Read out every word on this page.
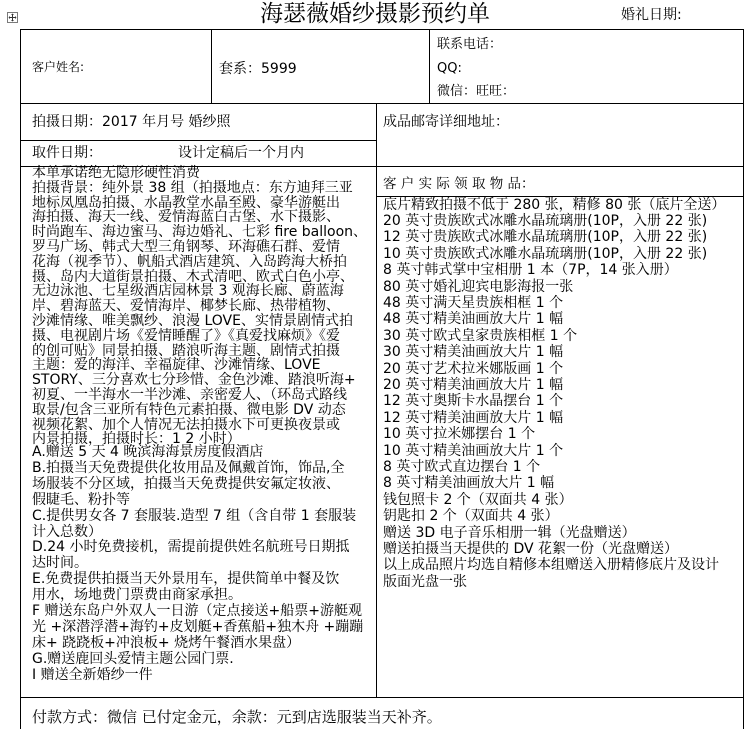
海瑟薇婚纱摄影预约单	婚礼日期:
客户姓名:	套系：5999
联系电话：
QQ:
微信：旺旺：
拍摄日期：2017 年月号 婚纱照	成品邮寄详细地址：
取件日期：	设计定稿后一个月内
本单承诺绝无隐形硬性消费
拍摄背景：纯外景 38 组（拍摄地点：东方迪拜三亚
地标凤凰岛拍摄、水晶教堂水晶至殿、豪华游艇出
海拍摄、海天一线、爱情海蓝白古堡、水下摄影、
时尚跑车、海边蜜马、海边婚礼、七彩 fire balloon、
罗马广场、韩式大型三角钢琴、环海礁石群、爱情
花海（视季节）、帆船式酒店建筑、入岛跨海大桥拍
摄、岛内大道街景拍摄、木式清吧、欧式白色小亭、
无边泳池、七星级酒店园林景 3 观海长廊、蔚蓝海
岸、碧海蓝天、爱情海岸、椰梦长廊、热带植物、
沙滩情缘、唯美飘纱、浪漫 LOVE、实情景剧情式拍
摄、电视剧片场《爱情睡醒了》《真爱找麻烦》《爱
的创可贴》同景拍摄、踏浪听海主题、剧情式拍摄
主题：爱的海洋、幸福旋律、沙滩情缘、LOVE
STORY、三分喜欢七分珍惜、金色沙滩、踏浪听海+
初夏、一半海水一半沙滩、亲密爱人、（环岛式路线
取景/包含三亚所有特色元素拍摄、微电影 DV 动态
视频花絮、加个人情况无法拍摄水下可更换夜景或
内景拍摄，拍摄时长：1 2 小时）
A.赠送 5 天 4 晚滨海海景房度假酒店
B.拍摄当天免费提供化妆用品及佩戴首饰，饰品,全
场服装不分区域，拍摄当天免费提供安氟定妆液、
假睫毛、粉扑等
C.提供男女各 7 套服装.造型 7 组（含自带 1 套服装
计入总数）
D.24 小时免费接机，需提前提供姓名航班号日期抵
达时间。
E.免费提供拍摄当天外景用车，提供简单中餐及饮
用水，场地费门票费由商家承担。
F 赠送东岛户外双人一日游（定点接送+船票+游艇观
光 +深潜浮潜+海钓+皮划艇+香蕉船+独木舟 +蹦蹦
床+ 跷跷板+冲浪板+ 烧烤午餐酒水果盘）
G.赠送鹿回头爱情主题公园门票.
I 赠送全新婚纱一件
客 户 实 际 领 取 物 品：
底片精致拍摄不低于 280 张，精修 80 张（底片全送）
20 英寸贵族欧式冰雕水晶琉璃册(10P，入册 22 张)
12 英寸贵族欧式冰雕水晶琉璃册(10P，入册 22 张)
10 英寸贵族欧式冰雕水晶琉璃册(10P，入册 22 张)
8 英寸韩式掌中宝相册 1 本（7P，14 张入册）
80 英寸婚礼迎宾电影海报一张
48 英寸满天星贵族相框 1 个
48 英寸精美油画放大片 1 幅
30 英寸欧式皇家贵族相框 1 个
30 英寸精美油画放大片 1 幅
20 英寸艺术拉米娜版画 1 个
20 英寸精美油画放大片 1 幅
12 英寸奥斯卡水晶摆台 1 个
12 英寸精美油画放大片 1 幅
10 英寸拉米娜摆台 1 个
10 英寸精美油画放大片 1 个
8 英寸欧式直边摆台 1 个
8 英寸精美油画放大片 1 幅
钱包照卡 2 个（双面共 4 张）
钥匙扣 2 个（双面共 4 张）
赠送 3D 电子音乐相册一辑（光盘赠送）
赠送拍摄当天提供的 DV 花絮一份（光盘赠送）
以上成品照片均选自精修本组赠送入册精修底片及设计
版面光盘一张
付款方式：微信 已付定金元，余款：元到店选服装当天补齐。
